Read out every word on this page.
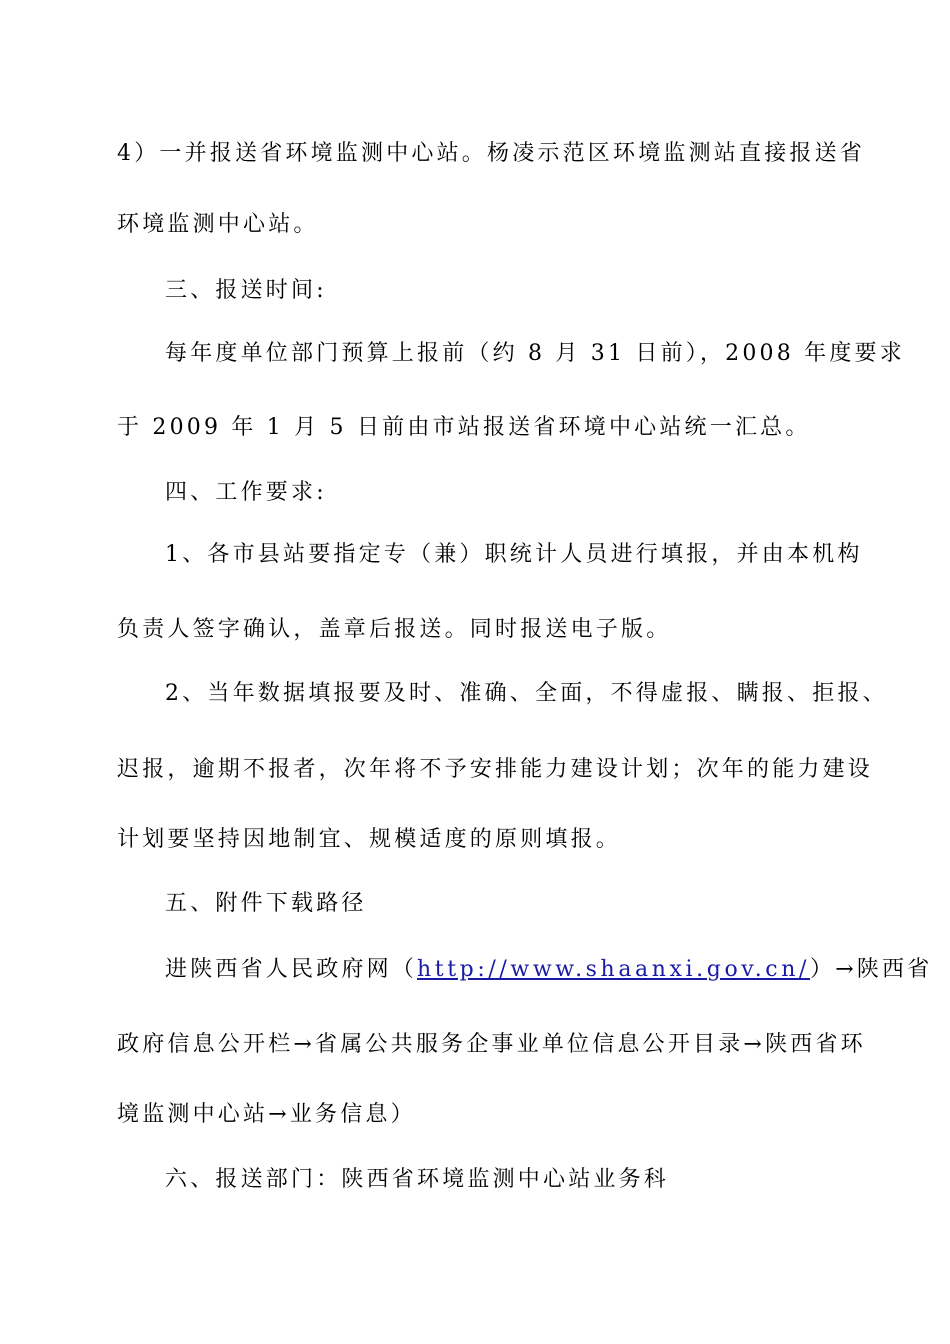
4）一并报送省环境监测中心站。杨凌示范区环境监测站直接报送省
环境监测中心站。
三、报送时间:
每年度单位部门预算上报前（约 8 月 31 日前），2008 年度要求
于 2009 年 1 月 5 日前由市站报送省环境中心站统一汇总。
四、工作要求:
1、各市县站要指定专（兼）职统计人员进行填报，并由本机构
负责人签字确认，盖章后报送。同时报送电子版。
2、当年数据填报要及时、准确、全面，不得虚报、瞒报、拒报、
迟报，逾期不报者，次年将不予安排能力建设计划；次年的能力建设
计划要坚持因地制宜、规模适度的原则填报。
五、附件下载路径
进陕西省人民政府网（http://www.shaanxi.gov.cn/）→陕西省
政府信息公开栏→省属公共服务企事业单位信息公开目录→陕西省环
境监测中心站→业务信息）
六、报送部门：陕西省环境监测中心站业务科
